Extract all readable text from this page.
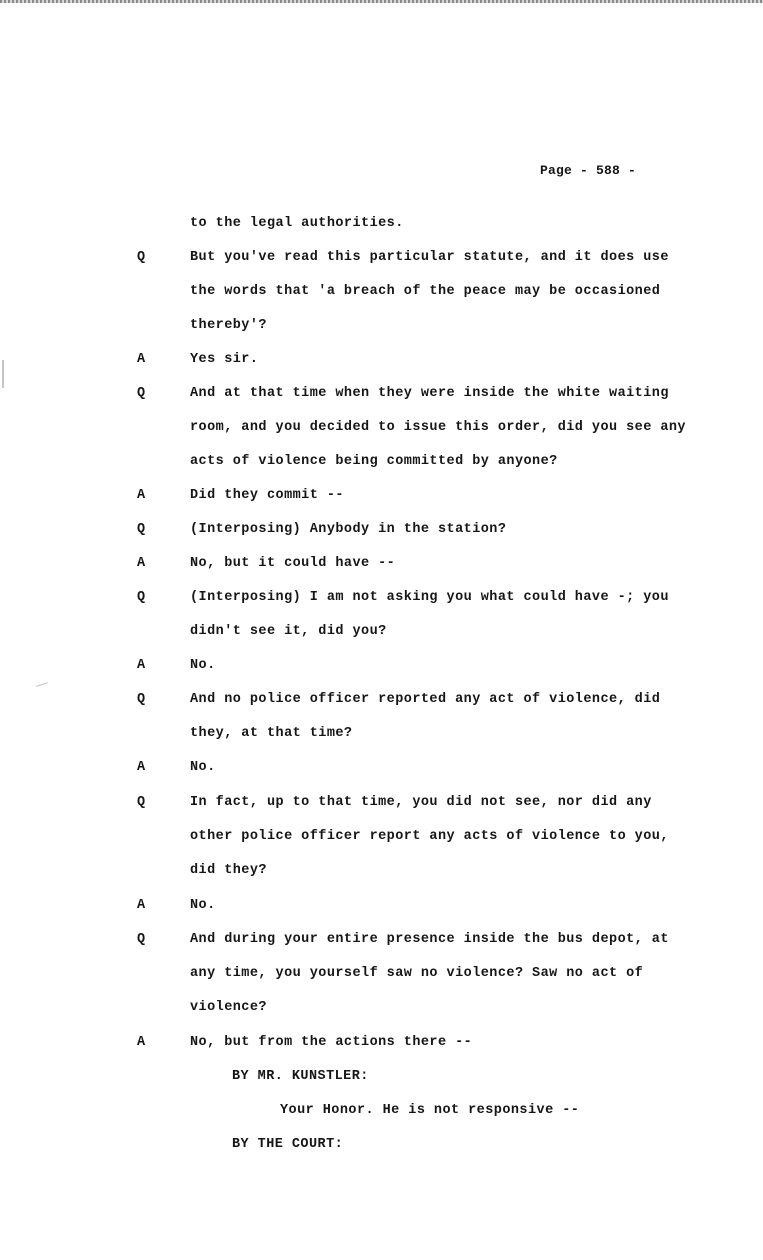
Page - 588 -
to the legal authorities.
Q	But you've read this particular statute, and it does use
the words that 'a breach of the peace may be occasioned
thereby'?
A	Yes sir.
Q	And at that time when they were inside the white waiting
room, and you decided to issue this order, did you see any
acts of violence being committed by anyone?
A	Did they commit --
Q	(Interposing) Anybody in the station?
A	No, but it could have --
Q	(Interposing) I am not asking you what could have -; you
didn't see it, did you?
A	No.
Q	And no police officer reported any act of violence, did
they, at that time?
A	No.
Q	In fact, up to that time, you did not see, nor did any
other police officer report any acts of violence to you,
did they?
A	No.
Q	And during your entire presence inside the bus depot, at
any time, you yourself saw no violence? Saw no act of
violence?
A	No, but from the actions there --
BY MR. KUNSTLER:
Your Honor. He is not responsive --
BY THE COURT:
